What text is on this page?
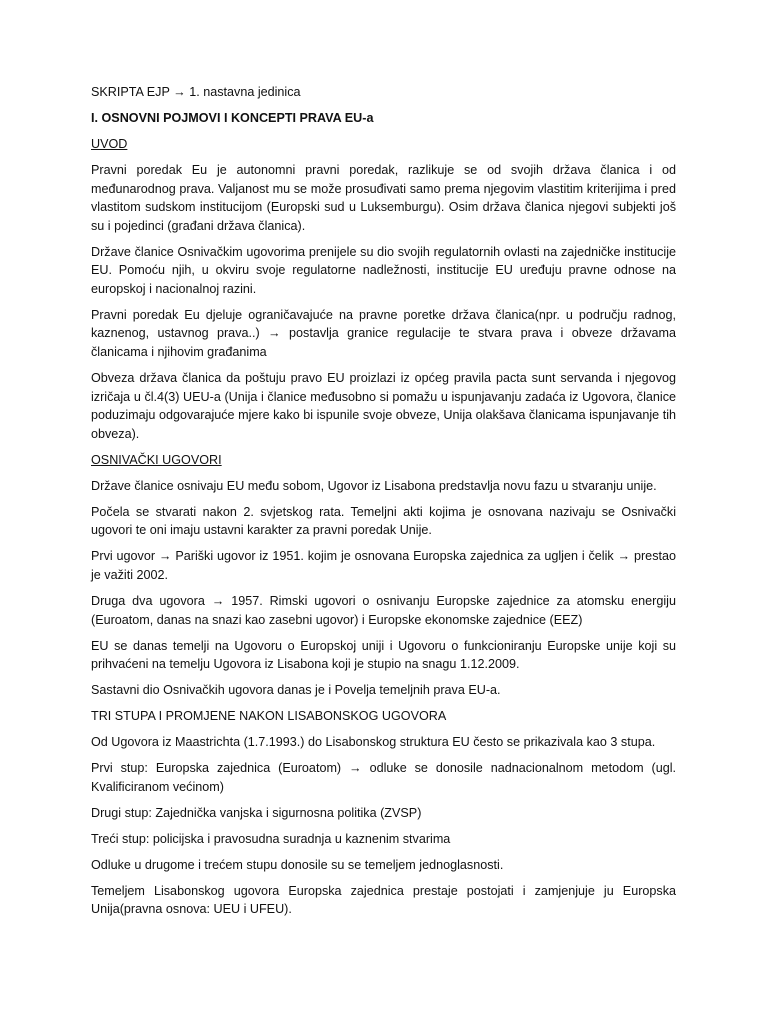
SKRIPTA EJP → 1. nastavna jedinica

I. OSNOVNI POJMOVI I KONCEPTI PRAVA EU-a

UVOD

Pravni poredak Eu je autonomni pravni poredak, razlikuje se od svojih država članica i od međunarodnog prava. Valjanost mu se može prosuđivati samo prema njegovim vlastitim kriterijima i pred vlastitom sudskom institucijom (Europski sud u Luksemburgu). Osim država članica njegovi subjekti još su i pojedinci (građani država članica).

Države članice Osnivačkim ugovorima prenijele su dio svojih regulatornih ovlasti na zajedničke institucije EU. Pomoću njih, u okviru svoje regulatorne nadležnosti, institucije EU uređuju pravne odnose na europskoj i nacionalnoj razini.

Pravni poredak Eu djeluje ograničavajuće na pravne poretke država članica(npr. u području radnog, kaznenog, ustavnog prava..) → postavlja granice regulacije te stvara prava i obveze državama članicama i njihovim građanima

Obveza država članica da poštuju pravo EU proizlazi iz općeg pravila pacta sunt servanda i njegovog izričaja u čl.4(3) UEU-a (Unija i članice međusobno si pomažu u ispunjavanju zadaća iz Ugovora, članice poduzimaju odgovarajuće mjere kako bi ispunile svoje obveze, Unija olakšava članicama ispunjavanje tih obveza).

OSNIVAČKI UGOVORI

Države članice osnivaju EU među sobom, Ugovor iz Lisabona predstavlja novu fazu u stvaranju unije.

Počela se stvarati nakon 2. svjetskog rata. Temeljni akti kojima je osnovana nazivaju se Osnivački ugovori te oni imaju ustavni karakter za pravni poredak Unije.

Prvi ugovor → Pariški ugovor iz 1951. kojim je osnovana Europska zajednica za ugljen i čelik → prestao je važiti 2002.

Druga dva ugovora → 1957. Rimski ugovori o osnivanju Europske zajednice za atomsku energiju (Euroatom, danas na snazi kao zasebni ugovor) i Europske ekonomske zajednice (EEZ)

EU se danas temelji na Ugovoru o Europskoj uniji i Ugovoru o funkcioniranju Europske unije koji su prihvaćeni na temelju Ugovora iz Lisabona koji je stupio na snagu 1.12.2009.

Sastavni dio Osnivačkih ugovora danas je i Povelja temeljnih prava EU-a.

TRI STUPA I PROMJENE NAKON LISABONSKOG UGOVORA

Od Ugovora iz Maastrichta (1.7.1993.) do Lisabonskog struktura EU često se prikazivala kao 3 stupa.

Prvi stup: Europska zajednica (Euroatom) → odluke se donosile nadnacionalnom metodom (ugl. Kvalificiranom većinom)

Drugi stup: Zajednička vanjska i sigurnosna politika (ZVSP)

Treći stup: policijska i pravosudna suradnja u kaznenim stvarima

Odluke u drugome i trećem stupu donosile su se temeljem jednoglasnosti.

Temeljem Lisabonskog ugovora Europska zajednica prestaje postojati i zamjenjuje ju Europska Unija(pravna osnova: UEU i UFEU).
